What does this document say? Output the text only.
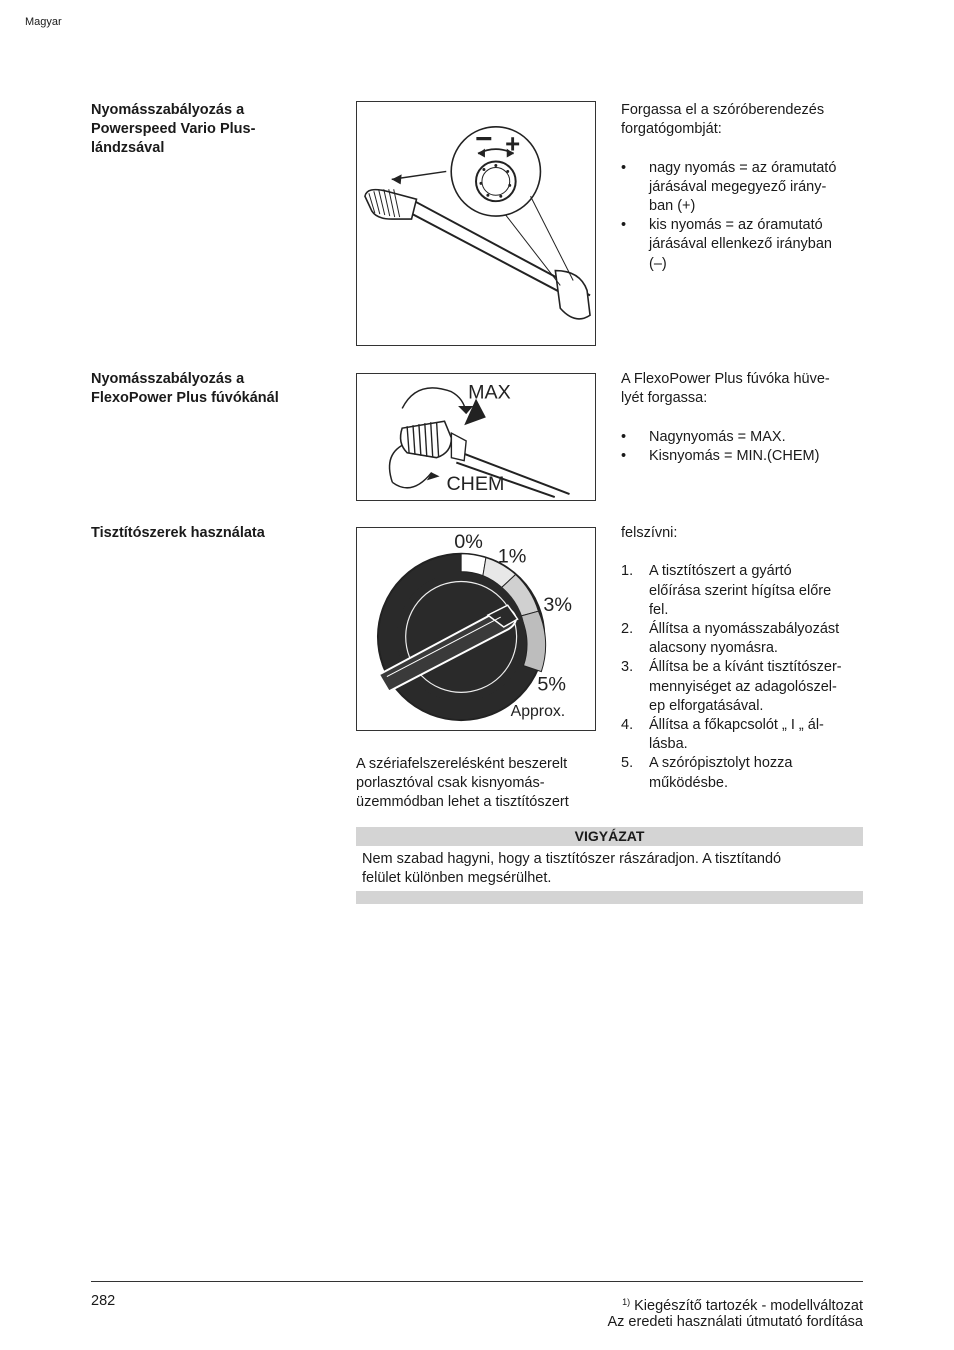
Magyar
Nyomásszabályozás a
Powerspeed Vario Plus-
lándzsával	− +

Forgassa el a szóróberendezés

forgatógombját:

• nagy nyomás = az óramutató
járásával megegyező irány-
ban (+)
• kis nyomás = az óramutató
járásával ellenkező irányban
(–)
Nyomásszabályozás a
FlexoPower Plus fúvókánál	MAX
CHEM

A FlexoPower Plus fúvóka hüve-

lyét forgassa:

• Nagynyomás = MAX.
• Kisnyomás = MIN.(CHEM)
Tisztítószerek használata	0%
1%
3%
5%
Approx.
A szériafelszerelésként beszerelt
porlasztóval csak kisnyomás-
üzemmódban lehet a tisztítószert

felszívni:

1. A tisztítószert a gyártó
előírása szerint hígítsa előre
fel.
2. Állítsa a nyomásszabályozást
alacsony nyomásra.
3. Állítsa be a kívánt tisztítószer-
mennyiséget az adagolószel-
ep elforgatásával.
4. Állítsa a főkapcsolót „ I „ ál-
lásba.
5. A szórópisztolyt hozza
működésbe.
VIGYÁZAT
Nem szabad hagyni, hogy a tisztítószer rászáradjon. A tisztítandó
felület különben megsérülhet.
282	$^{1)}$ Kiegészítő tartozék - modellváltozat
Az eredeti használati útmutató fordítása
